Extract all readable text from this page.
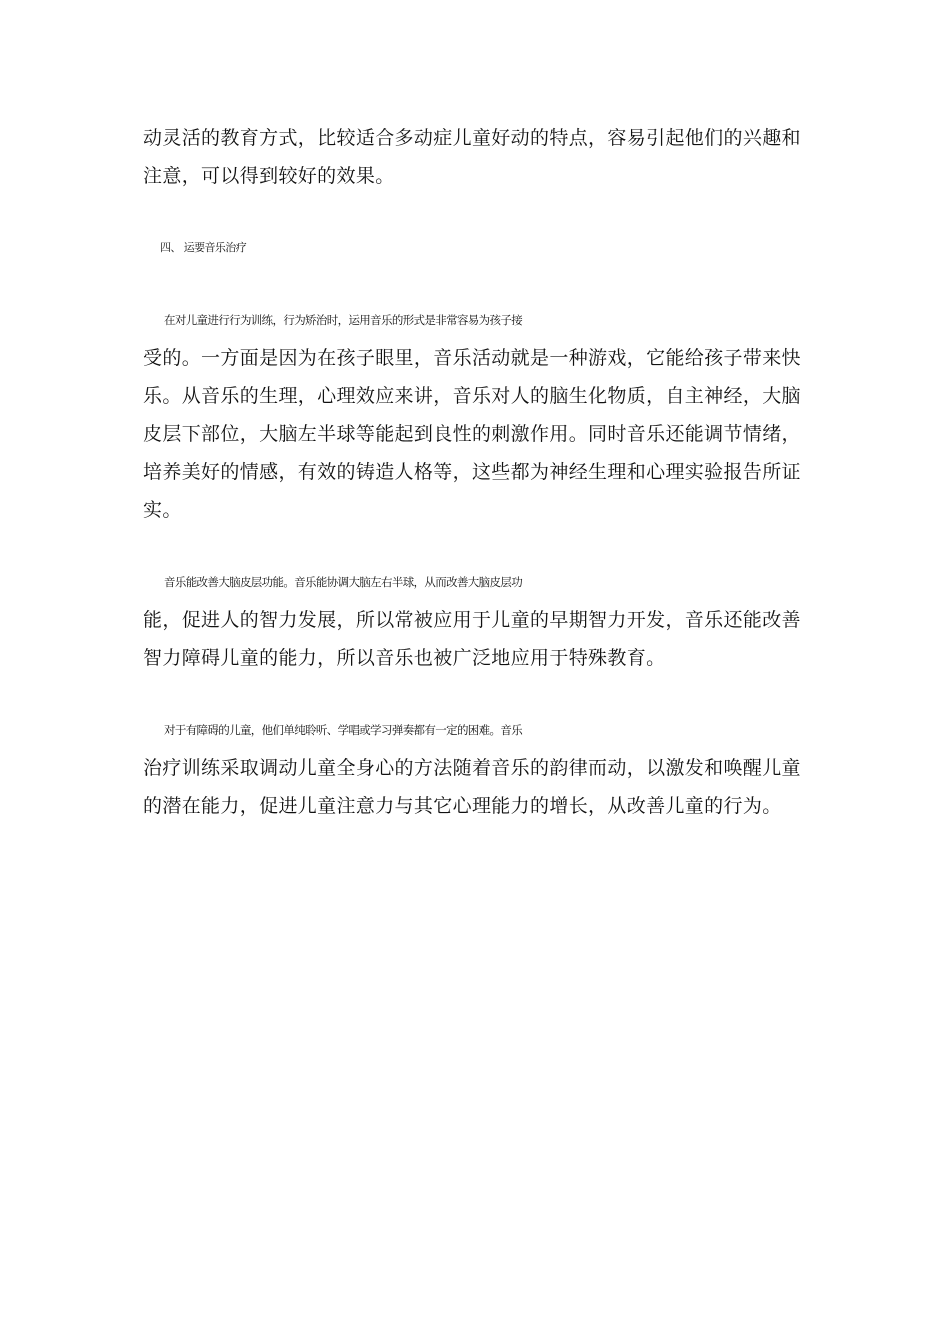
动灵活的教育方式，比较适合多动症儿童好动的特点，容易引起他们的兴趣和
注意，可以得到较好的效果。
四、 运要音乐治疗
在对儿童进行行为训练，行为矫治时，运用音乐的形式是非常容易为孩子接
受的。一方面是因为在孩子眼里，音乐活动就是一种游戏，它能给孩子带来快
乐。从音乐的生理，心理效应来讲，音乐对人的脑生化物质，自主神经，大脑
皮层下部位，大脑左半球等能起到良性的刺激作用。同时音乐还能调节情绪，
培养美好的情感，有效的铸造人格等，这些都为神经生理和心理实验报告所证
实。
音乐能改善大脑皮层功能。音乐能协调大脑左右半球，从而改善大脑皮层功
能，促进人的智力发展，所以常被应用于儿童的早期智力开发，音乐还能改善
智力障碍儿童的能力，所以音乐也被广泛地应用于特殊教育。
对于有障碍的儿童，他们单纯聆听、学唱或学习弹奏都有一定的困难。音乐
治疗训练采取调动儿童全身心的方法随着音乐的韵律而动，以激发和唤醒儿童
的潜在能力，促进儿童注意力与其它心理能力的增长，从改善儿童的行为。
